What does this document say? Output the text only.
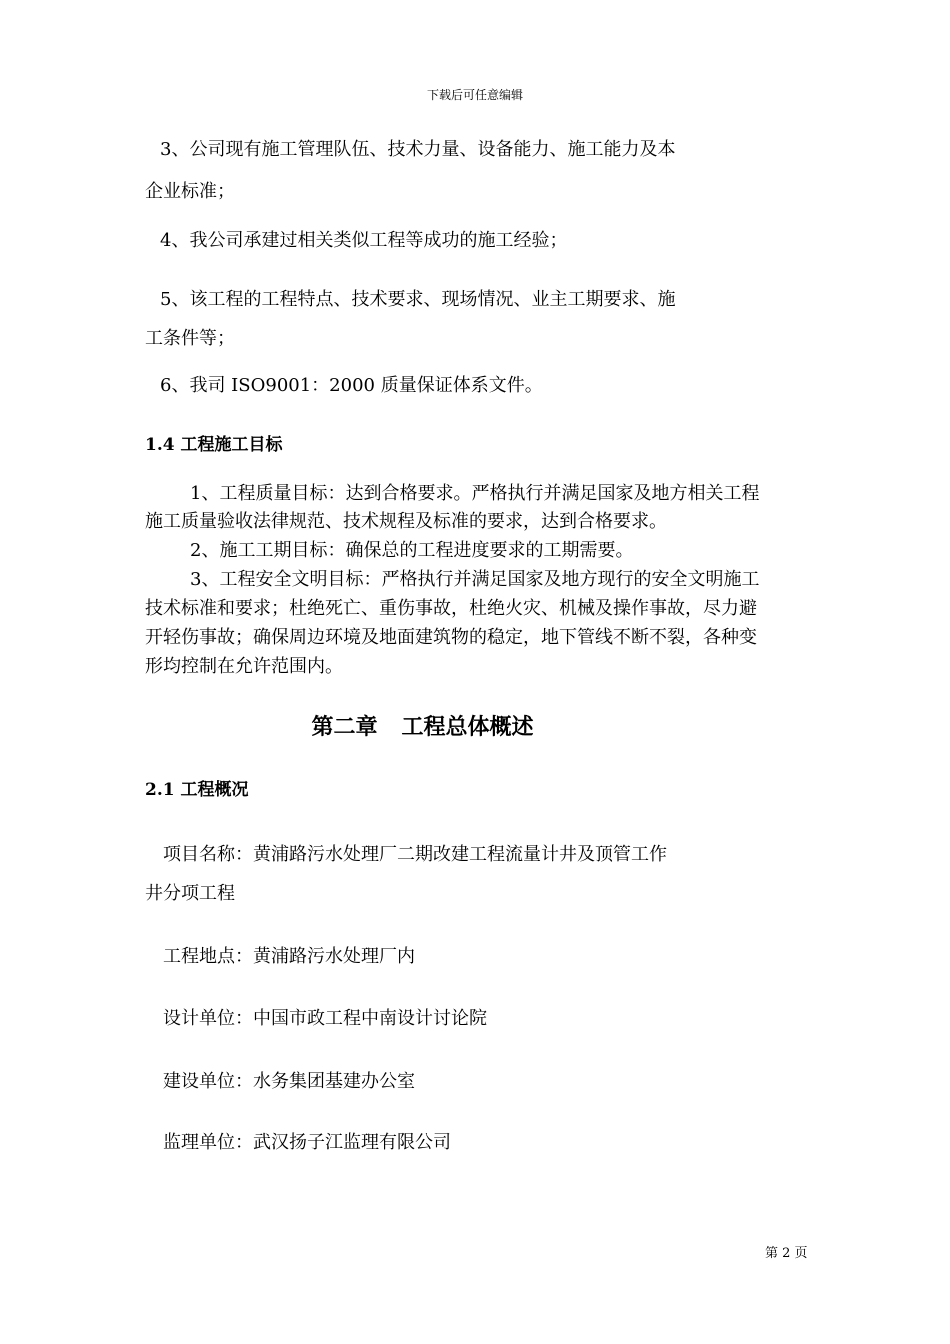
下载后可任意编辑
3、公司现有施工管理队伍、技术力量、设备能力、施工能力及本
企业标准；
4、我公司承建过相关类似工程等成功的施工经验；
5、该工程的工程特点、技术要求、现场情况、业主工期要求、施
工条件等；
6、我司 ISO9001：2000 质量保证体系文件。
1.4 工程施工目标
1、工程质量目标：达到合格要求。严格执行并满足国家及地方相关工程
施工质量验收法律规范、技术规程及标准的要求，达到合格要求。
2、施工工期目标：确保总的工程进度要求的工期需要。
3、工程安全文明目标：严格执行并满足国家及地方现行的安全文明施工
技术标准和要求；杜绝死亡、重伤事故，杜绝火灾、机械及操作事故，尽力避
开轻伤事故；确保周边环境及地面建筑物的稳定，地下管线不断不裂，各种变
形均控制在允许范围内。
第二章 工程总体概述
2.1 工程概况
项目名称：黄浦路污水处理厂二期改建工程流量计井及顶管工作
井分项工程
工程地点：黄浦路污水处理厂内
设计单位：中国市政工程中南设计讨论院
建设单位：水务集团基建办公室
监理单位：武汉扬子江监理有限公司
第 2 页
